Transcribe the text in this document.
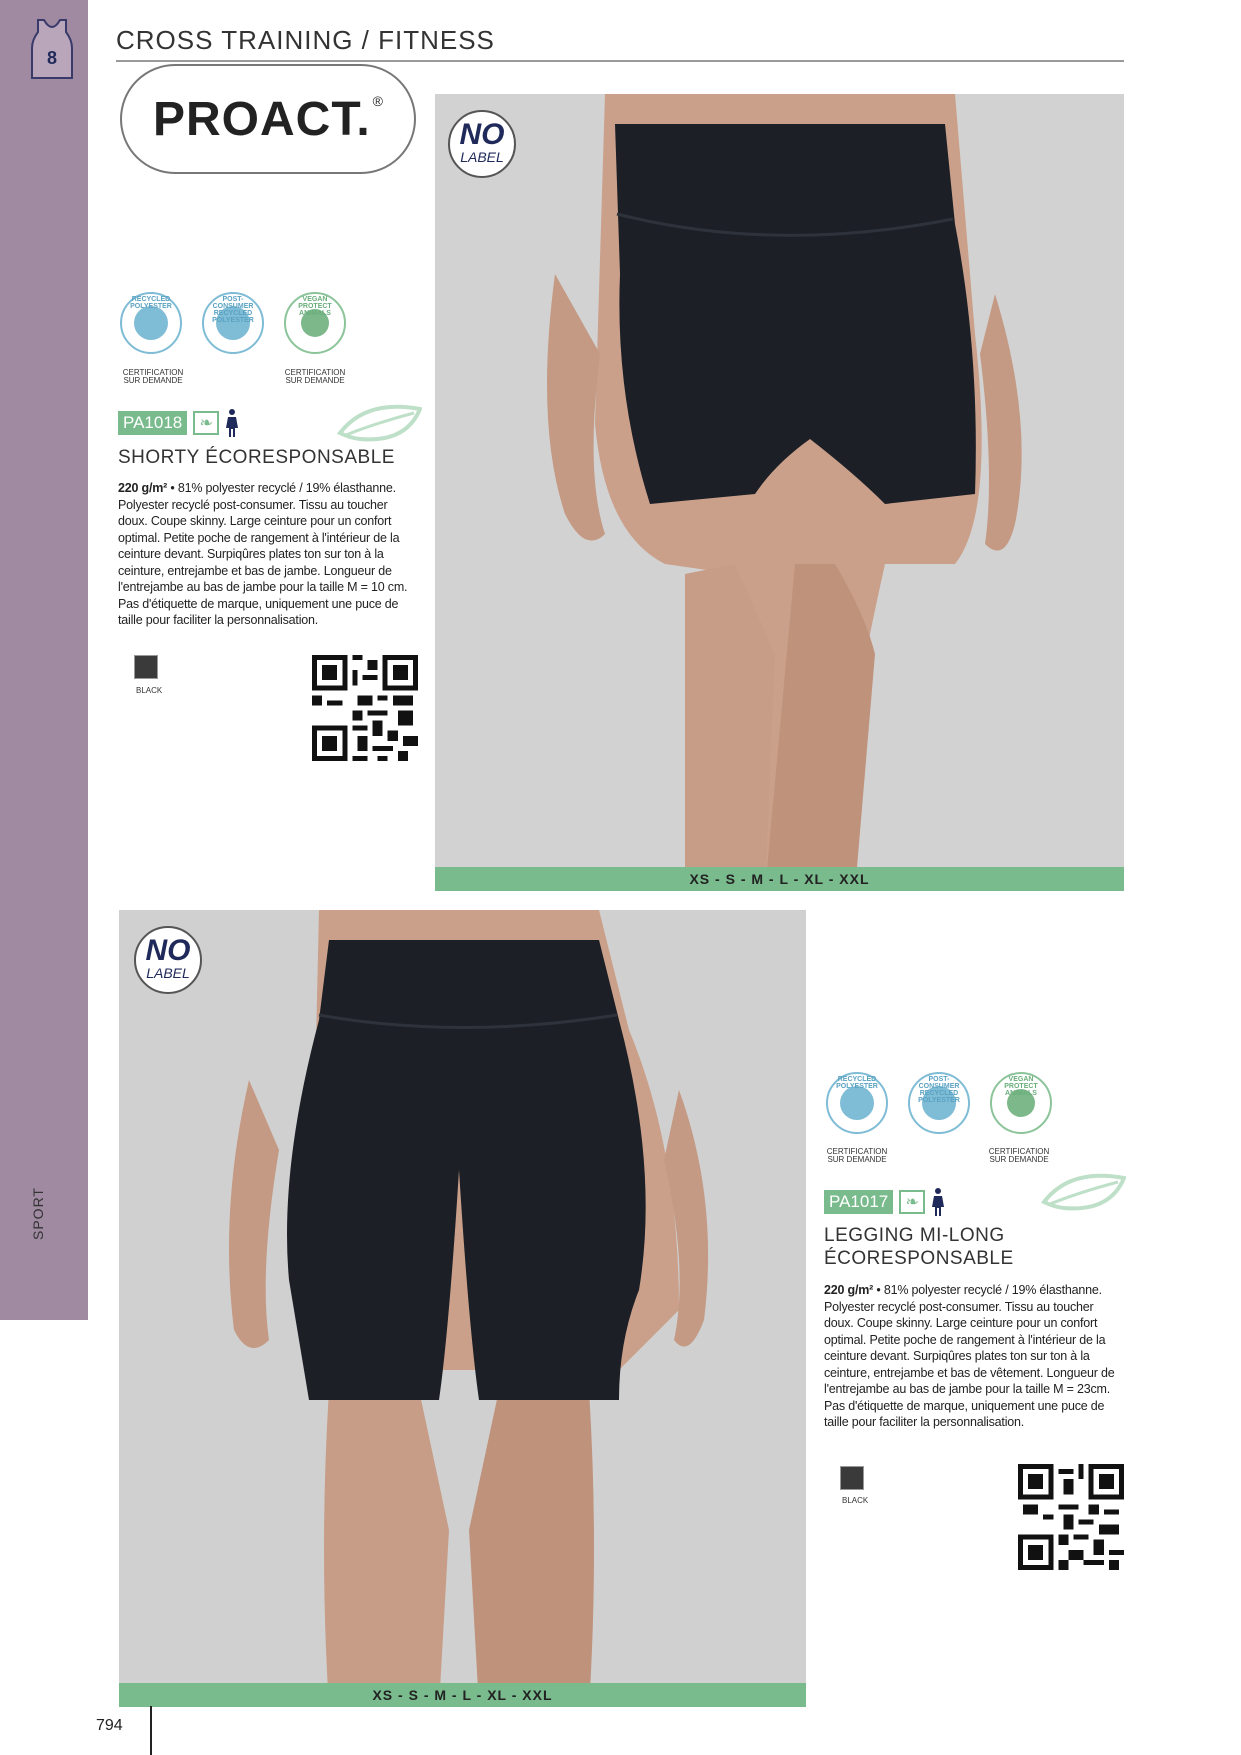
8
SPORT
CROSS TRAINING / FITNESS
PROACT. ®
NO
LABEL
XS - S - M - L - XL - XXL
RECYCLED POLYESTER
POST-CONSUMER RECYCLED POLYESTER
VEGAN PROTECT ANIMALS
CERTIFICATION SUR DEMANDE
CERTIFICATION SUR DEMANDE
PA1018	❧
SHORTY ÉCORESPONSABLE
220 g/m² • 81% polyester recyclé / 19% élasthanne. Polyester recyclé post-consumer. Tissu au toucher doux. Coupe skinny. Large ceinture pour un confort optimal. Petite poche de rangement à l'intérieur de la ceinture devant. Surpiqûres plates ton sur ton à la ceinture, entrejambe et bas de jambe. Longueur de l'entrejambe au bas de jambe pour la taille M = 10 cm. Pas d'étiquette de marque, uniquement une puce de taille pour faciliter la personnalisation.
BLACK
NO
LABEL
XS - S - M - L - XL - XXL
RECYCLED POLYESTER
POST-CONSUMER RECYCLED POLYESTER
VEGAN PROTECT ANIMALS
CERTIFICATION SUR DEMANDE
CERTIFICATION SUR DEMANDE
PA1017	❧
LEGGING MI-LONG
ÉCORESPONSABLE
220 g/m² • 81% polyester recyclé / 19% élasthanne. Polyester recyclé post-consumer. Tissu au toucher doux. Coupe skinny. Large ceinture pour un confort optimal. Petite poche de rangement à l'intérieur de la ceinture devant. Surpiqûres plates ton sur ton à la ceinture, entrejambe et bas de vêtement. Longueur de l'entrejambe au bas de jambe pour la taille M = 23cm. Pas d'étiquette de marque, uniquement une puce de taille pour faciliter la personnalisation.
BLACK
794
